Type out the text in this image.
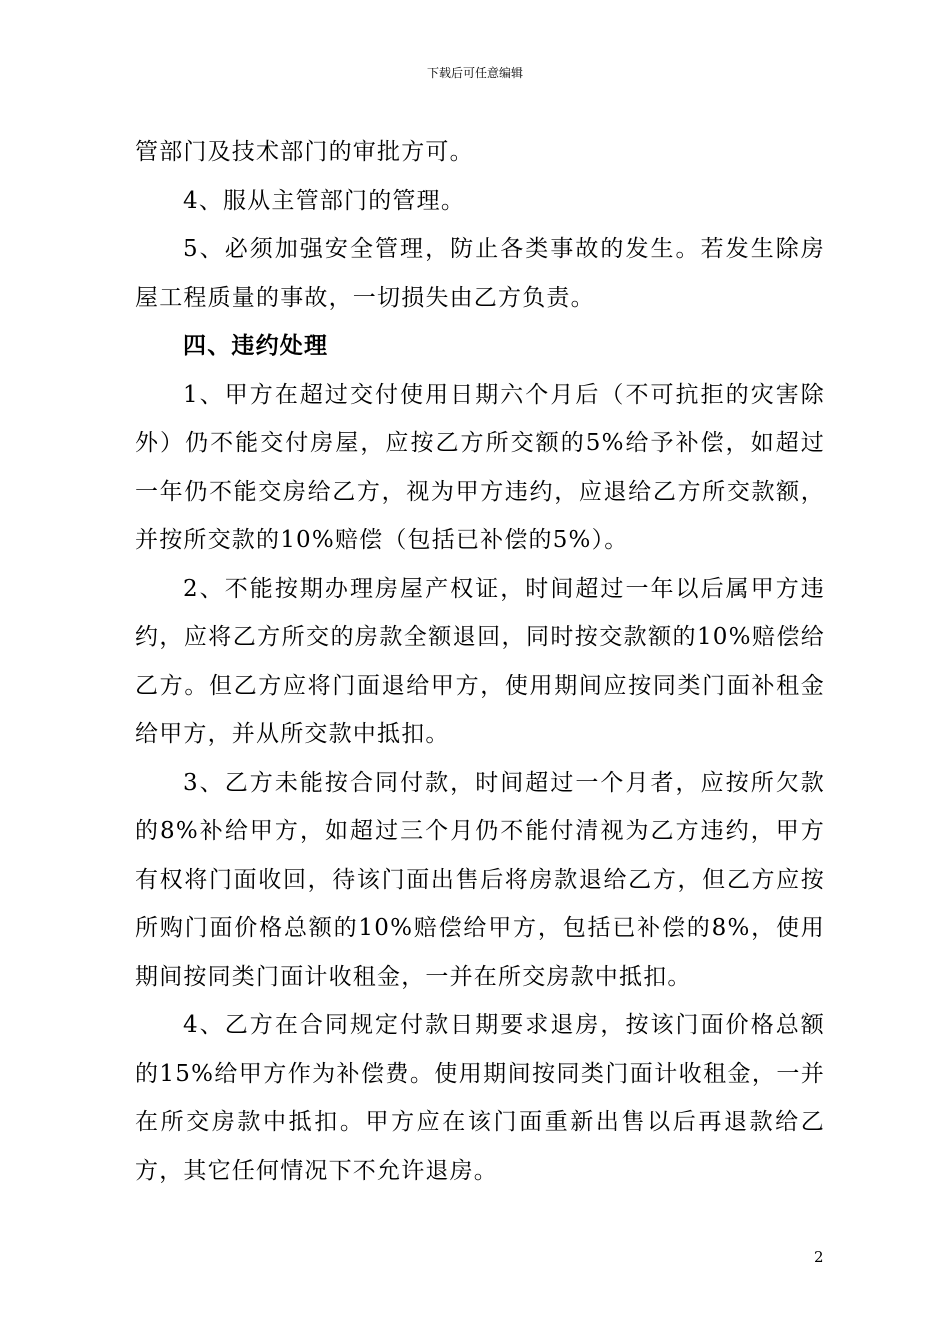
下载后可任意编辑

管部门及技术部门的审批方可。

4、服从主管部门的管理。

5、必须加强安全管理，防止各类事故的发生。若发生除房屋工程质量的事故，一切损失由乙方负责。

四、违约处理

1、甲方在超过交付使用日期六个月后（不可抗拒的灾害除外）仍不能交付房屋，应按乙方所交额的5%给予补偿，如超过一年仍不能交房给乙方，视为甲方违约，应退给乙方所交款额，并按所交款的10%赔偿（包括已补偿的5%）。

2、不能按期办理房屋产权证，时间超过一年以后属甲方违约，应将乙方所交的房款全额退回，同时按交款额的10%赔偿给乙方。但乙方应将门面退给甲方，使用期间应按同类门面补租金给甲方，并从所交款中抵扣。

3、乙方未能按合同付款，时间超过一个月者，应按所欠款的8%补给甲方，如超过三个月仍不能付清视为乙方违约，甲方有权将门面收回，待该门面出售后将房款退给乙方，但乙方应按所购门面价格总额的10%赔偿给甲方，包括已补偿的8%，使用期间按同类门面计收租金，一并在所交房款中抵扣。

4、乙方在合同规定付款日期要求退房，按该门面价格总额的15%给甲方作为补偿费。使用期间按同类门面计收租金，一并在所交房款中抵扣。甲方应在该门面重新出售以后再退款给乙方，其它任何情况下不允许退房。

2
